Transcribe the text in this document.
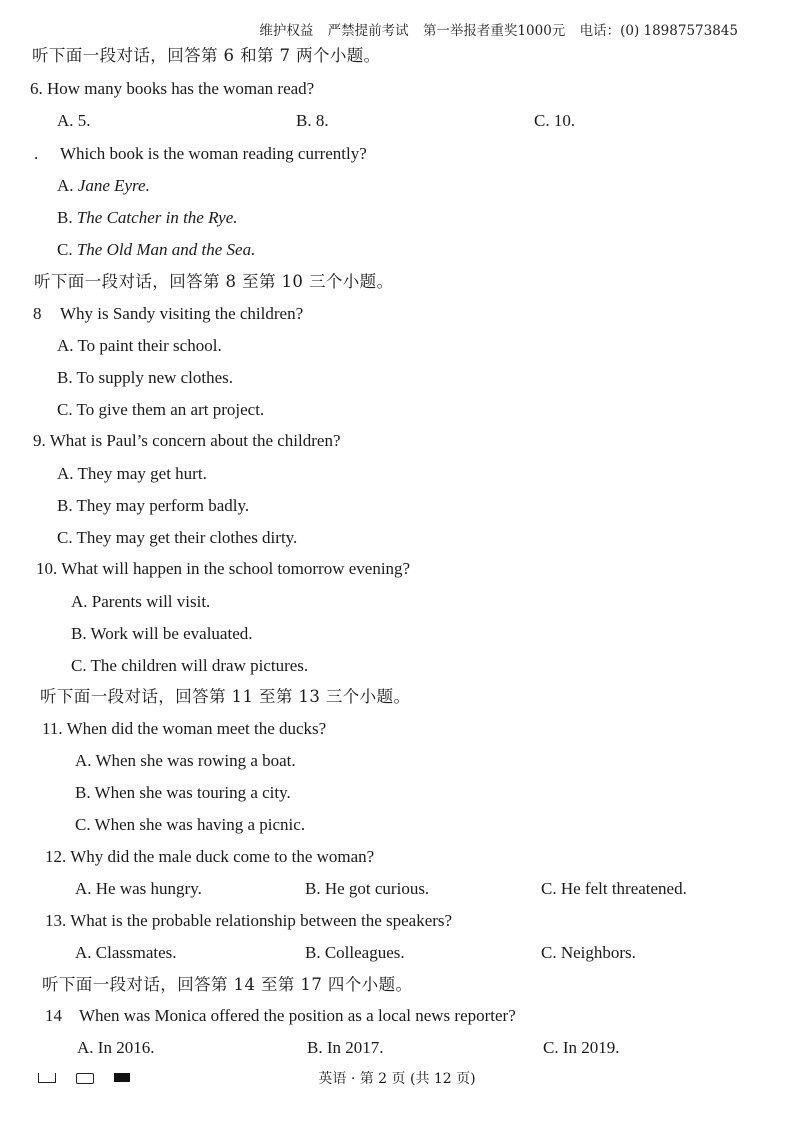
维护权益 严禁提前考试 第一举报者重奖1000元 电话：(0) 18987573845
听下面一段对话，回答第 6 和第 7 两个小题。
6. How many books has the woman read?
A. 5.	B. 8.	C. 10.
. Which book is the woman reading currently?
A. Jane Eyre.
B. The Catcher in the Rye.
C. The Old Man and the Sea.
听下面一段对话，回答第 8 至第 10 三个小题。
8 Why is Sandy visiting the children?
A. To paint their school.
B. To supply new clothes.
C. To give them an art project.
9. What is Paul’s concern about the children?
A. They may get hurt.
B. They may perform badly.
C. They may get their clothes dirty.
10. What will happen in the school tomorrow evening?
A. Parents will visit.
B. Work will be evaluated.
C. The children will draw pictures.
听下面一段对话，回答第 11 至第 13 三个小题。
11. When did the woman meet the ducks?
A. When she was rowing a boat.
B. When she was touring a city.
C. When she was having a picnic.
12. Why did the male duck come to the woman?
A. He was hungry.	B. He got curious.	C. He felt threatened.
13. What is the probable relationship between the speakers?
A. Classmates.	B. Colleagues.	C. Neighbors.
听下面一段对话，回答第 14 至第 17 四个小题。
14 When was Monica offered the position as a local news reporter?
A. In 2016.	B. In 2017.	C. In 2019.
英语 · 第 2 页 (共 12 页)
